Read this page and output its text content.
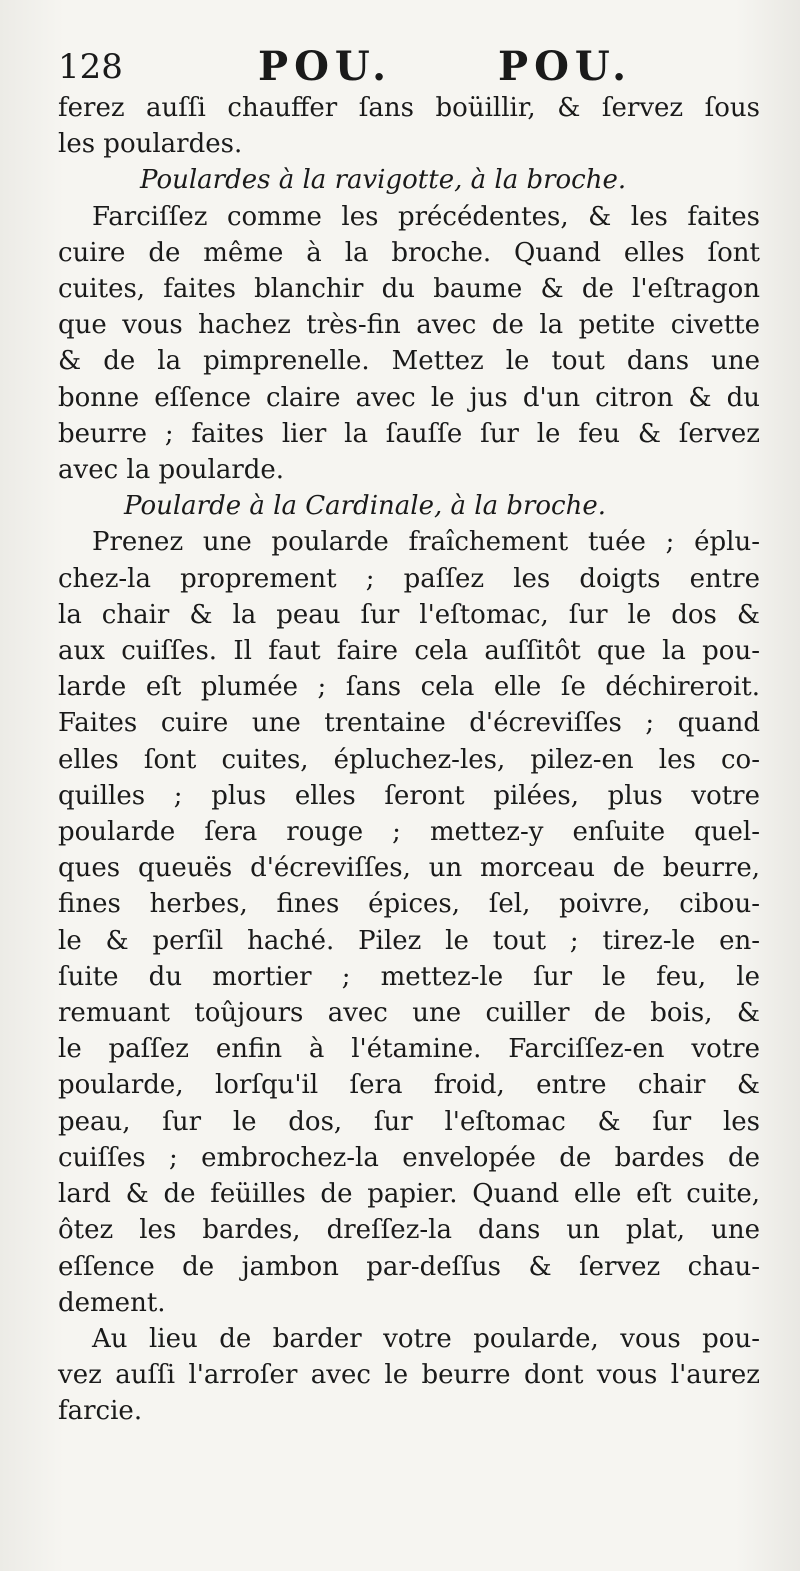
128	POU.	POU.
ferez auſſi chauffer ſans boüillir, & ſervez ſous
les poulardes.
Poulardes à la ravigotte, à la broche.
Farciſſez comme les précédentes, & les faites
cuire de même à la broche. Quand elles ſont
cuites, faites blanchir du baume & de l'eſtragon
que vous hachez très-fin avec de la petite civette
& de la pimprenelle. Mettez le tout dans une
bonne eſſence claire avec le jus d'un citron & du
beurre ; faites lier la ſauſſe ſur le feu & ſervez
avec la poularde.
Poularde à la Cardinale, à la broche.
Prenez une poularde fraîchement tuée ; éplu-
chez-la proprement ; paſſez les doigts entre
la chair & la peau ſur l'eſtomac, ſur le dos &
aux cuiſſes. Il faut faire cela auſſitôt que la pou-
larde eſt plumée ; ſans cela elle ſe déchireroit.
Faites cuire une trentaine d'écreviſſes ; quand
elles ſont cuites, épluchez-les, pilez-en les co-
quilles ; plus elles ſeront pilées, plus votre
poularde ſera rouge ; mettez-y enſuite quel-
ques queuës d'écreviſſes, un morceau de beurre,
fines herbes, fines épices, ſel, poivre, cibou-
le & perſil haché. Pilez le tout ; tirez-le en-
ſuite du mortier ; mettez-le ſur le feu, le
remuant toûjours avec une cuiller de bois, &
le paſſez enfin à l'étamine. Farciſſez-en votre
poularde, lorſqu'il ſera froid, entre chair &
peau, ſur le dos, ſur l'eſtomac & ſur les
cuiſſes ; embrochez-la envelopée de bardes de
lard & de feüilles de papier. Quand elle eſt cuite,
ôtez les bardes, dreſſez-la dans un plat, une
eſſence de jambon par-deſſus & ſervez chau-
dement.
Au lieu de barder votre poularde, vous pou-
vez auſſi l'arroſer avec le beurre dont vous l'aurez
farcie.
